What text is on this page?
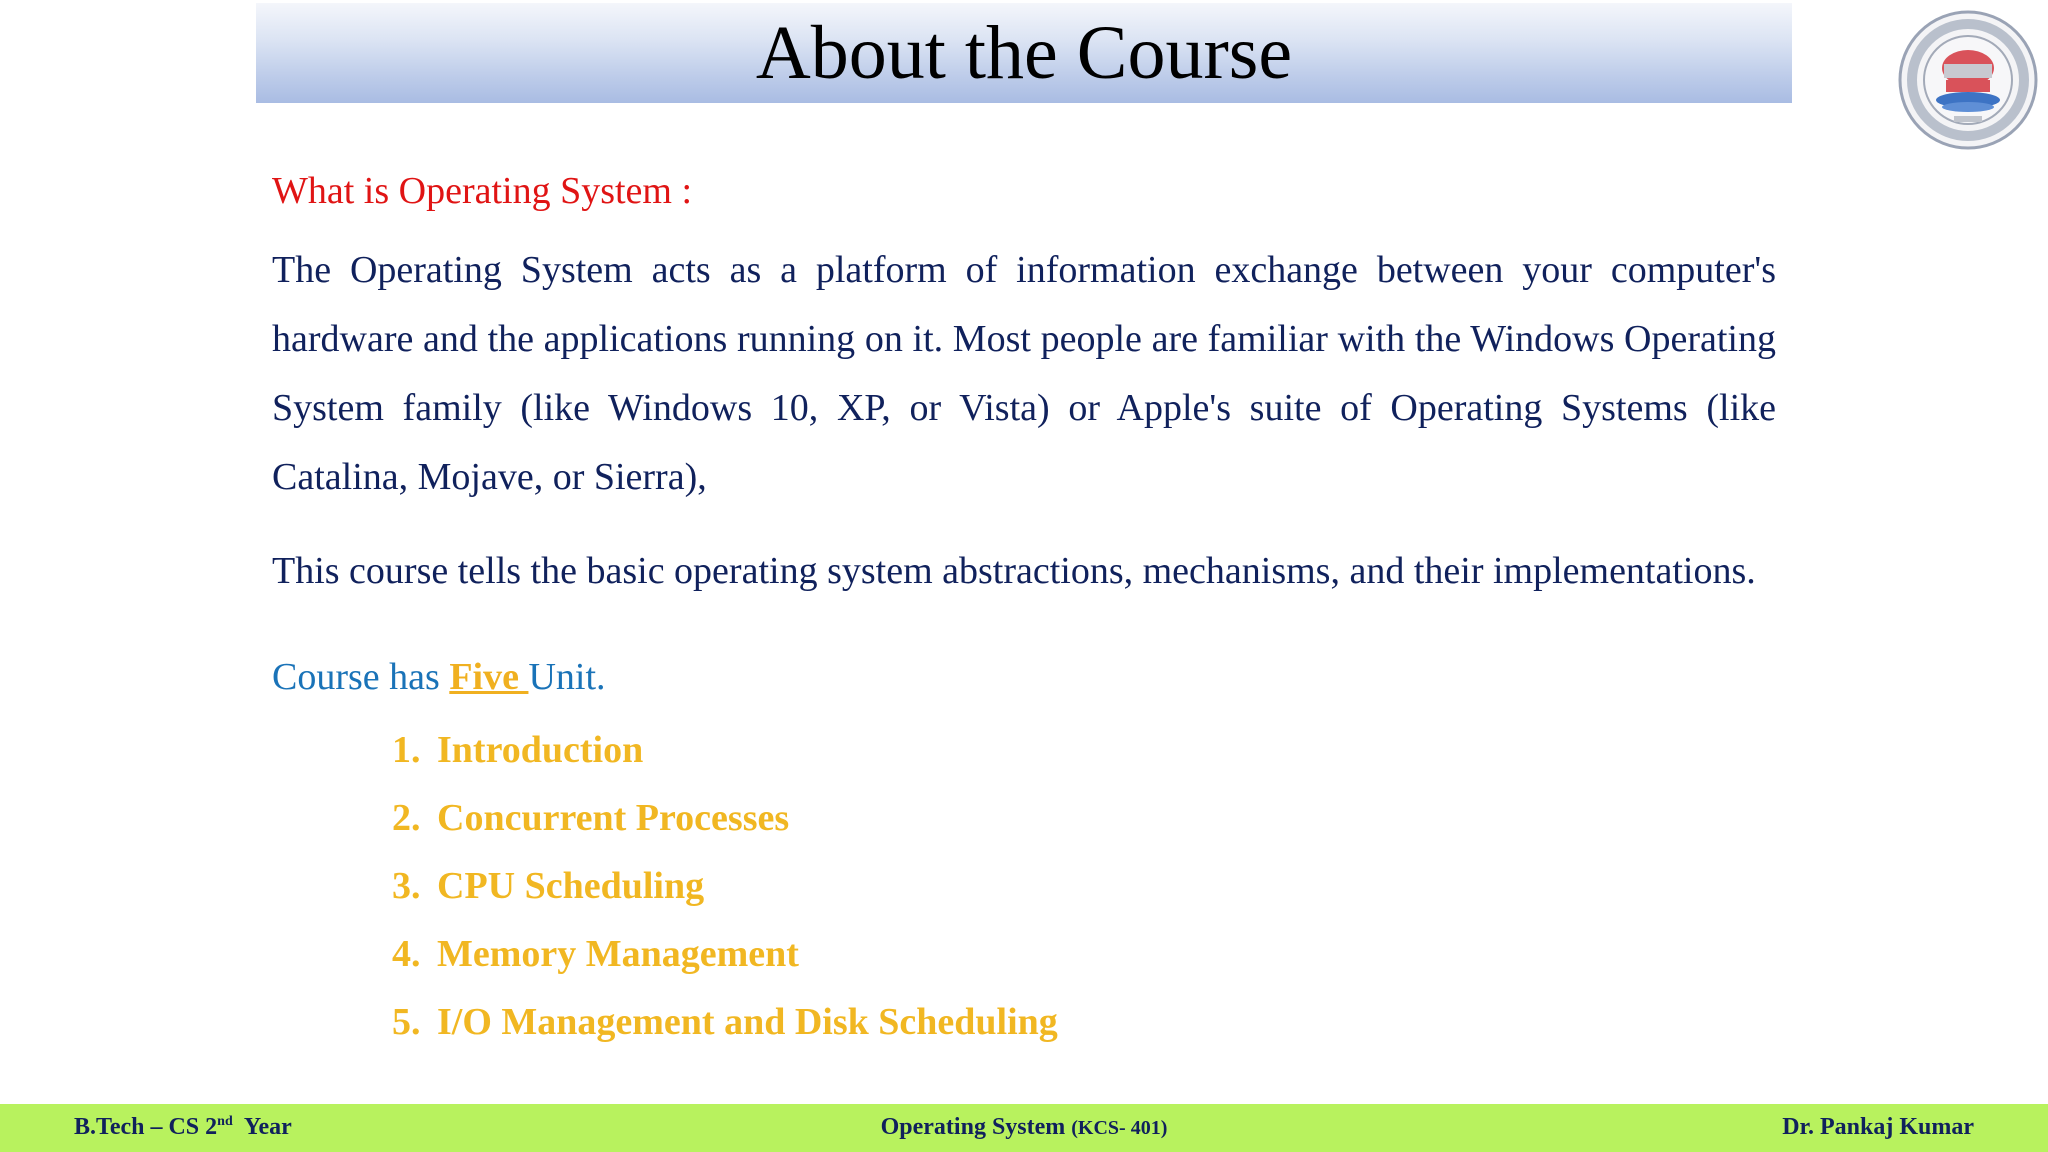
About the Course

What is Operating System :

The Operating System acts as a platform of information exchange between your computer's hardware and the applications running on it. Most people are familiar with the Windows Operating System family (like Windows 10, XP, or Vista) or Apple's suite of Operating Systems (like Catalina, Mojave, or Sierra),

This course tells the basic operating system abstractions, mechanisms, and their implementations.

Course has Five Unit.

1. Introduction
2. Concurrent Processes
3. CPU Scheduling
4. Memory Management
5. I/O Management and Disk Scheduling
B.Tech – CS 2nd  Year	Operating System (KCS- 401)	Dr. Pankaj Kumar
